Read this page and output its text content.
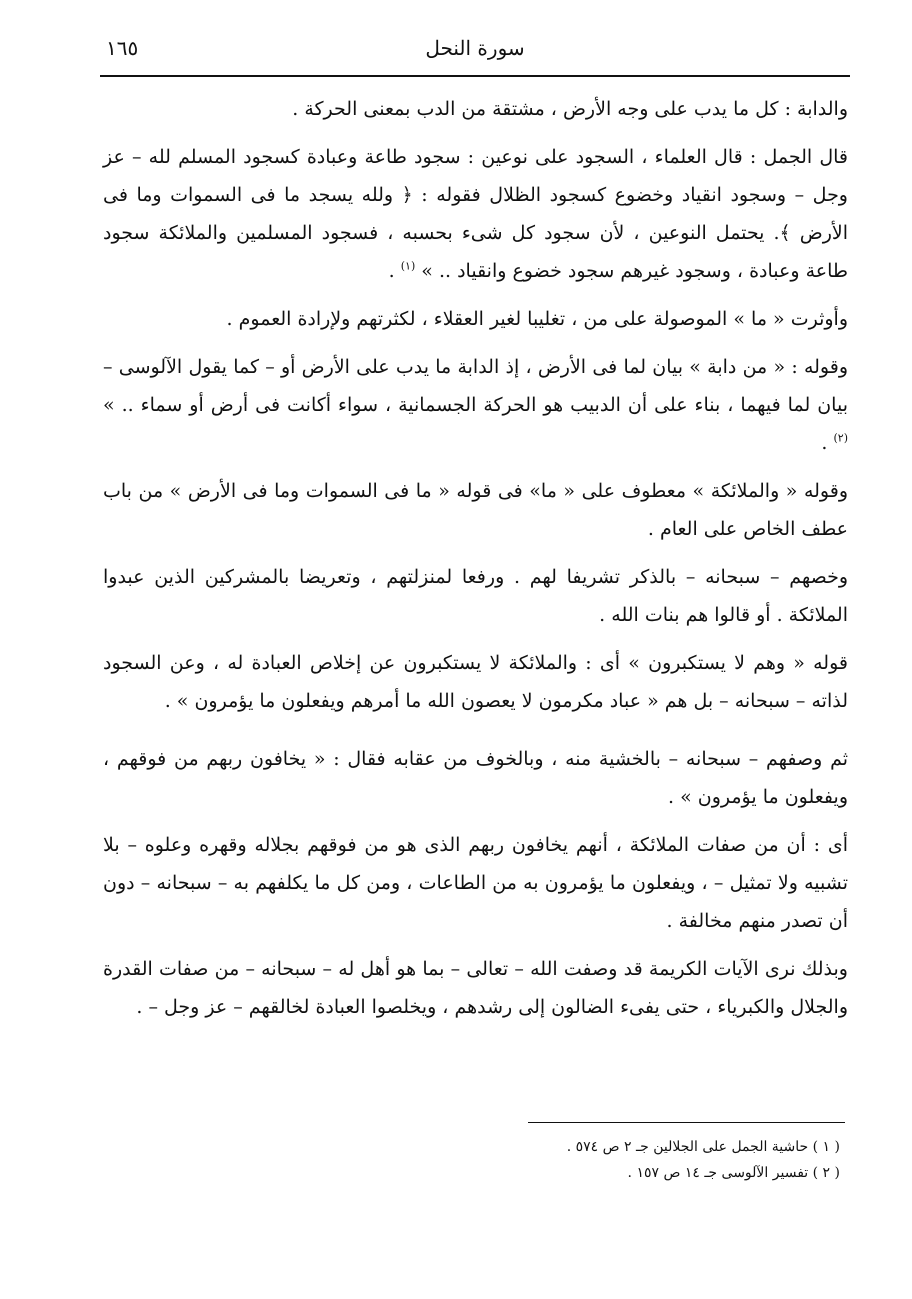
سورة النحل
١٦٥

والدابة : كل ما يدب على وجه الأرض ، مشتقة من الدب بمعنى الحركة .

قال الجمل : قال العلماء ، السجود على نوعين : سجود طاعة وعبادة كسجود المسلم لله – عز وجل – وسجود انقياد وخضوع كسجود الظلال فقوله : ﴿ ولله يسجد ما فى السموات وما فى الأرض ﴾. يحتمل النوعين ، لأن سجود كل شىء بحسبه ، فسجود المسلمين والملائكة سجود طاعة وعبادة ، وسجود غيرهم سجود خضوع وانقياد .. » $^{(١)}$ .

وأوثرت « ما » الموصولة على من ، تغليبا لغير العقلاء ، لكثرتهم ولإرادة العموم .

وقوله : « من دابة » بيان لما فى الأرض ، إذ الدابة ما يدب على الأرض أو – كما يقول الآلوسى – بيان لما فيهما ، بناء على أن الدبيب هو الحركة الجسمانية ، سواء أكانت فى أرض أو سماء .. » $^{(٢)}$ .

وقوله « والملائكة » معطوف على « ما» فى قوله « ما فى السموات وما فى الأرض » من باب عطف الخاص على العام .

وخصهم – سبحانه – بالذكر تشريفا لهم . ورفعا لمنزلتهم ، وتعريضا بالمشركين الذين عبدوا الملائكة . أو قالوا هم بنات الله .

قوله « وهم لا يستكبرون » أى : والملائكة لا يستكبرون عن إخلاص العبادة له ، وعن السجود لذاته – سبحانه – بل هم « عباد مكرمون لا يعصون الله ما أمرهم ويفعلون ما يؤمرون » .

ثم وصفهم – سبحانه – بالخشية منه ، وبالخوف من عقابه فقال : « يخافون ربهم من فوقهم ، ويفعلون ما يؤمرون » .

أى : أن من صفات الملائكة ، أنهم يخافون ربهم الذى هو من فوقهم بجلاله وقهره وعلوه – بلا تشبيه ولا تمثيل – ، ويفعلون ما يؤمرون به من الطاعات ، ومن كل ما يكلفهم به – سبحانه – دون أن تصدر منهم مخالفة .

وبذلك نرى الآيات الكريمة قد وصفت الله – تعالى – بما هو أهل له – سبحانه – من صفات القدرة والجلال والكبرياء ، حتى يفىء الضالون إلى رشدهم ، ويخلصوا العبادة لخالقهم – عز وجل – .

( ١ ) حاشية الجمل على الجلالين جـ ٢ ص ٥٧٤ .

( ٢ ) تفسير الآلوسى جـ ١٤ ص ١٥٧ .
